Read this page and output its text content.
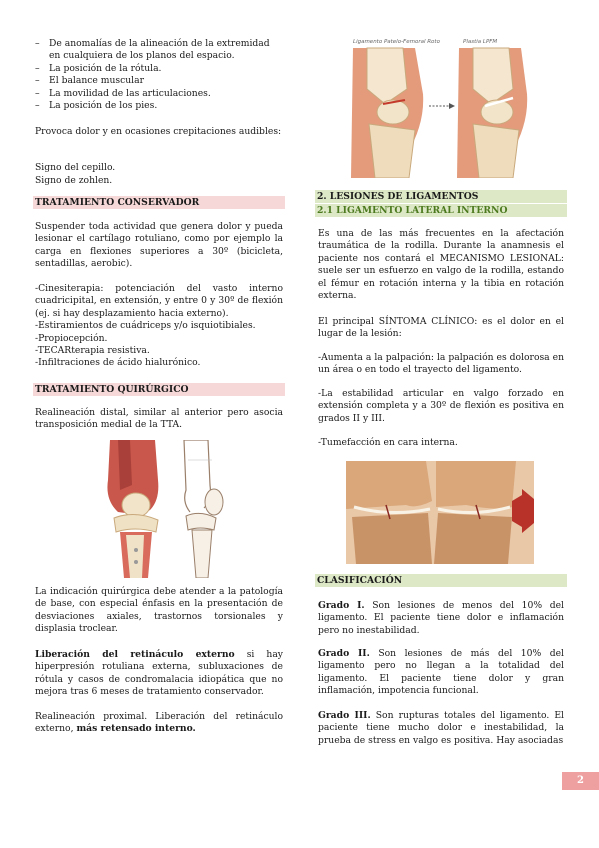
– De anomalías de la alineación de la extremidad en cualquiera de los planos del espacio.
– La posición de la rótula.
– El balance muscular
– La movilidad de las articulaciones.
– La posición de los pies.

Provoca dolor y en ocasiones crepitaciones audibles:

Signo del cepillo.

Signo de zohlen.

TRATAMIENTO CONSERVADOR

Suspender toda actividad que genera dolor y pueda lesionar el cartílago rotuliano, como por ejemplo la carga en flexiones superiores a 30º (bicicleta, sentadillas, aerobic).

-Cinesiterapia: potenciación del vasto interno cuadricipital, en extensión, y entre 0 y 30º de flexión (ej. si hay desplazamiento hacia externo).

-Estiramientos de cuádriceps y/o isquiotibiales.

-Propiocepción.

-TECARterapia resistiva.

-Infiltraciones de ácido hialurónico.

TRATAMIENTO QUIRÚRGICO

Realineación distal, similar al anterior pero asocia transposición medial de la TTA.

La indicación quirúrgica debe atender a la patología de base, con especial énfasis en la presentación de desviaciones axiales, trastornos torsionales y displasia troclear.

Liberación del retináculo externo si hay hiperpresión rotuliana externa, subluxaciones de rótula y casos de condromalacia idiopática que no mejora tras 6 meses de tratamiento conservador.

Realineación proximal. Liberación del retináculo externo, más retensado interno.

Ligamento Patelo-Femoral Roto	Plastia LPFM
2. LESIONES DE LIGAMENTOS
2.1 LIGAMENTO LATERAL INTERNO

Es una de las más frecuentes en la afectación traumática de la rodilla. Durante la anamnesis el paciente nos contará el MECANISMO LESIONAL: suele ser un esfuerzo en valgo de la rodilla, estando el fémur en rotación interna y la tibia en rotación externa.

El principal SÍNTOMA CLÍNICO: es el dolor en el lugar de la lesión:

-Aumenta a la palpación: la palpación es dolorosa en un área o en todo el trayecto del ligamento.

-La estabilidad articular en valgo forzado en extensión completa y a 30º de flexión es positiva en grados II y III.

-Tumefacción en cara interna.

CLASIFICACIÓN

Grado I. Son lesiones de menos del 10% del ligamento. El paciente tiene dolor e inflamación pero no inestabilidad.

Grado II. Son lesiones de más del 10% del ligamento pero no llegan a la totalidad del ligamento. El paciente tiene dolor y gran inflamación, impotencia funcional.

Grado III. Son rupturas totales del ligamento. El paciente tiene mucho dolor e inestabilidad, la prueba de stress en valgo es positiva. Hay asociadas

2
